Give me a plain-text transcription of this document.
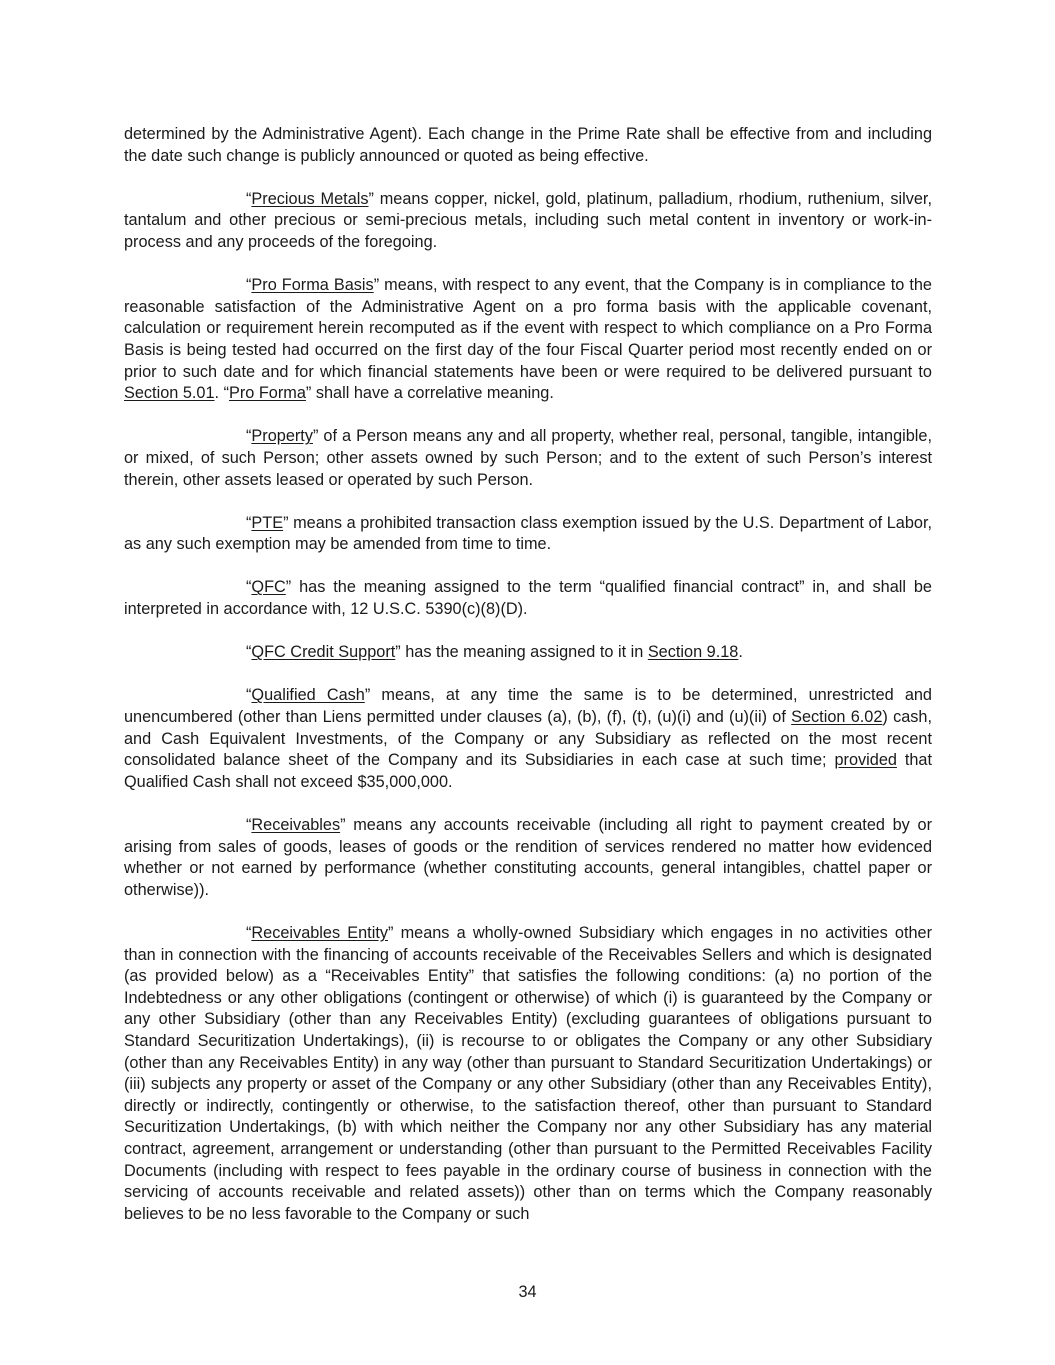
determined by the Administrative Agent). Each change in the Prime Rate shall be effective from and including the date such change is publicly announced or quoted as being effective.

“Precious Metals” means copper, nickel, gold, platinum, palladium, rhodium, ruthenium, silver, tantalum and other precious or semi-precious metals, including such metal content in inventory or work-in-process and any proceeds of the foregoing.

“Pro Forma Basis” means, with respect to any event, that the Company is in compliance to the reasonable satisfaction of the Administrative Agent on a pro forma basis with the applicable covenant, calculation or requirement herein recomputed as if the event with respect to which compliance on a Pro Forma Basis is being tested had occurred on the first day of the four Fiscal Quarter period most recently ended on or prior to such date and for which financial statements have been or were required to be delivered pursuant to Section 5.01. “Pro Forma” shall have a correlative meaning.

“Property” of a Person means any and all property, whether real, personal, tangible, intangible, or mixed, of such Person; other assets owned by such Person; and to the extent of such Person’s interest therein, other assets leased or operated by such Person.

“PTE” means a prohibited transaction class exemption issued by the U.S. Department of Labor, as any such exemption may be amended from time to time.

“QFC” has the meaning assigned to the term “qualified financial contract” in, and shall be interpreted in accordance with, 12 U.S.C. 5390(c)(8)(D).

“QFC Credit Support” has the meaning assigned to it in Section 9.18.

“Qualified Cash” means, at any time the same is to be determined, unrestricted and unencumbered (other than Liens permitted under clauses (a), (b), (f), (t), (u)(i) and (u)(ii) of Section 6.02) cash, and Cash Equivalent Investments, of the Company or any Subsidiary as reflected on the most recent consolidated balance sheet of the Company and its Subsidiaries in each case at such time; provided that Qualified Cash shall not exceed $35,000,000.

“Receivables” means any accounts receivable (including all right to payment created by or arising from sales of goods, leases of goods or the rendition of services rendered no matter how evidenced whether or not earned by performance (whether constituting accounts, general intangibles, chattel paper or otherwise)).

“Receivables Entity” means a wholly-owned Subsidiary which engages in no activities other than in connection with the financing of accounts receivable of the Receivables Sellers and which is designated (as provided below) as a “Receivables Entity” that satisfies the following conditions: (a) no portion of the Indebtedness or any other obligations (contingent or otherwise) of which (i) is guaranteed by the Company or any other Subsidiary (other than any Receivables Entity) (excluding guarantees of obligations pursuant to Standard Securitization Undertakings), (ii) is recourse to or obligates the Company or any other Subsidiary (other than any Receivables Entity) in any way (other than pursuant to Standard Securitization Undertakings) or (iii) subjects any property or asset of the Company or any other Subsidiary (other than any Receivables Entity), directly or indirectly, contingently or otherwise, to the satisfaction thereof, other than pursuant to Standard Securitization Undertakings, (b) with which neither the Company nor any other Subsidiary has any material contract, agreement, arrangement or understanding (other than pursuant to the Permitted Receivables Facility Documents (including with respect to fees payable in the ordinary course of business in connection with the servicing of accounts receivable and related assets)) other than on terms which the Company reasonably believes to be no less favorable to the Company or such

34
